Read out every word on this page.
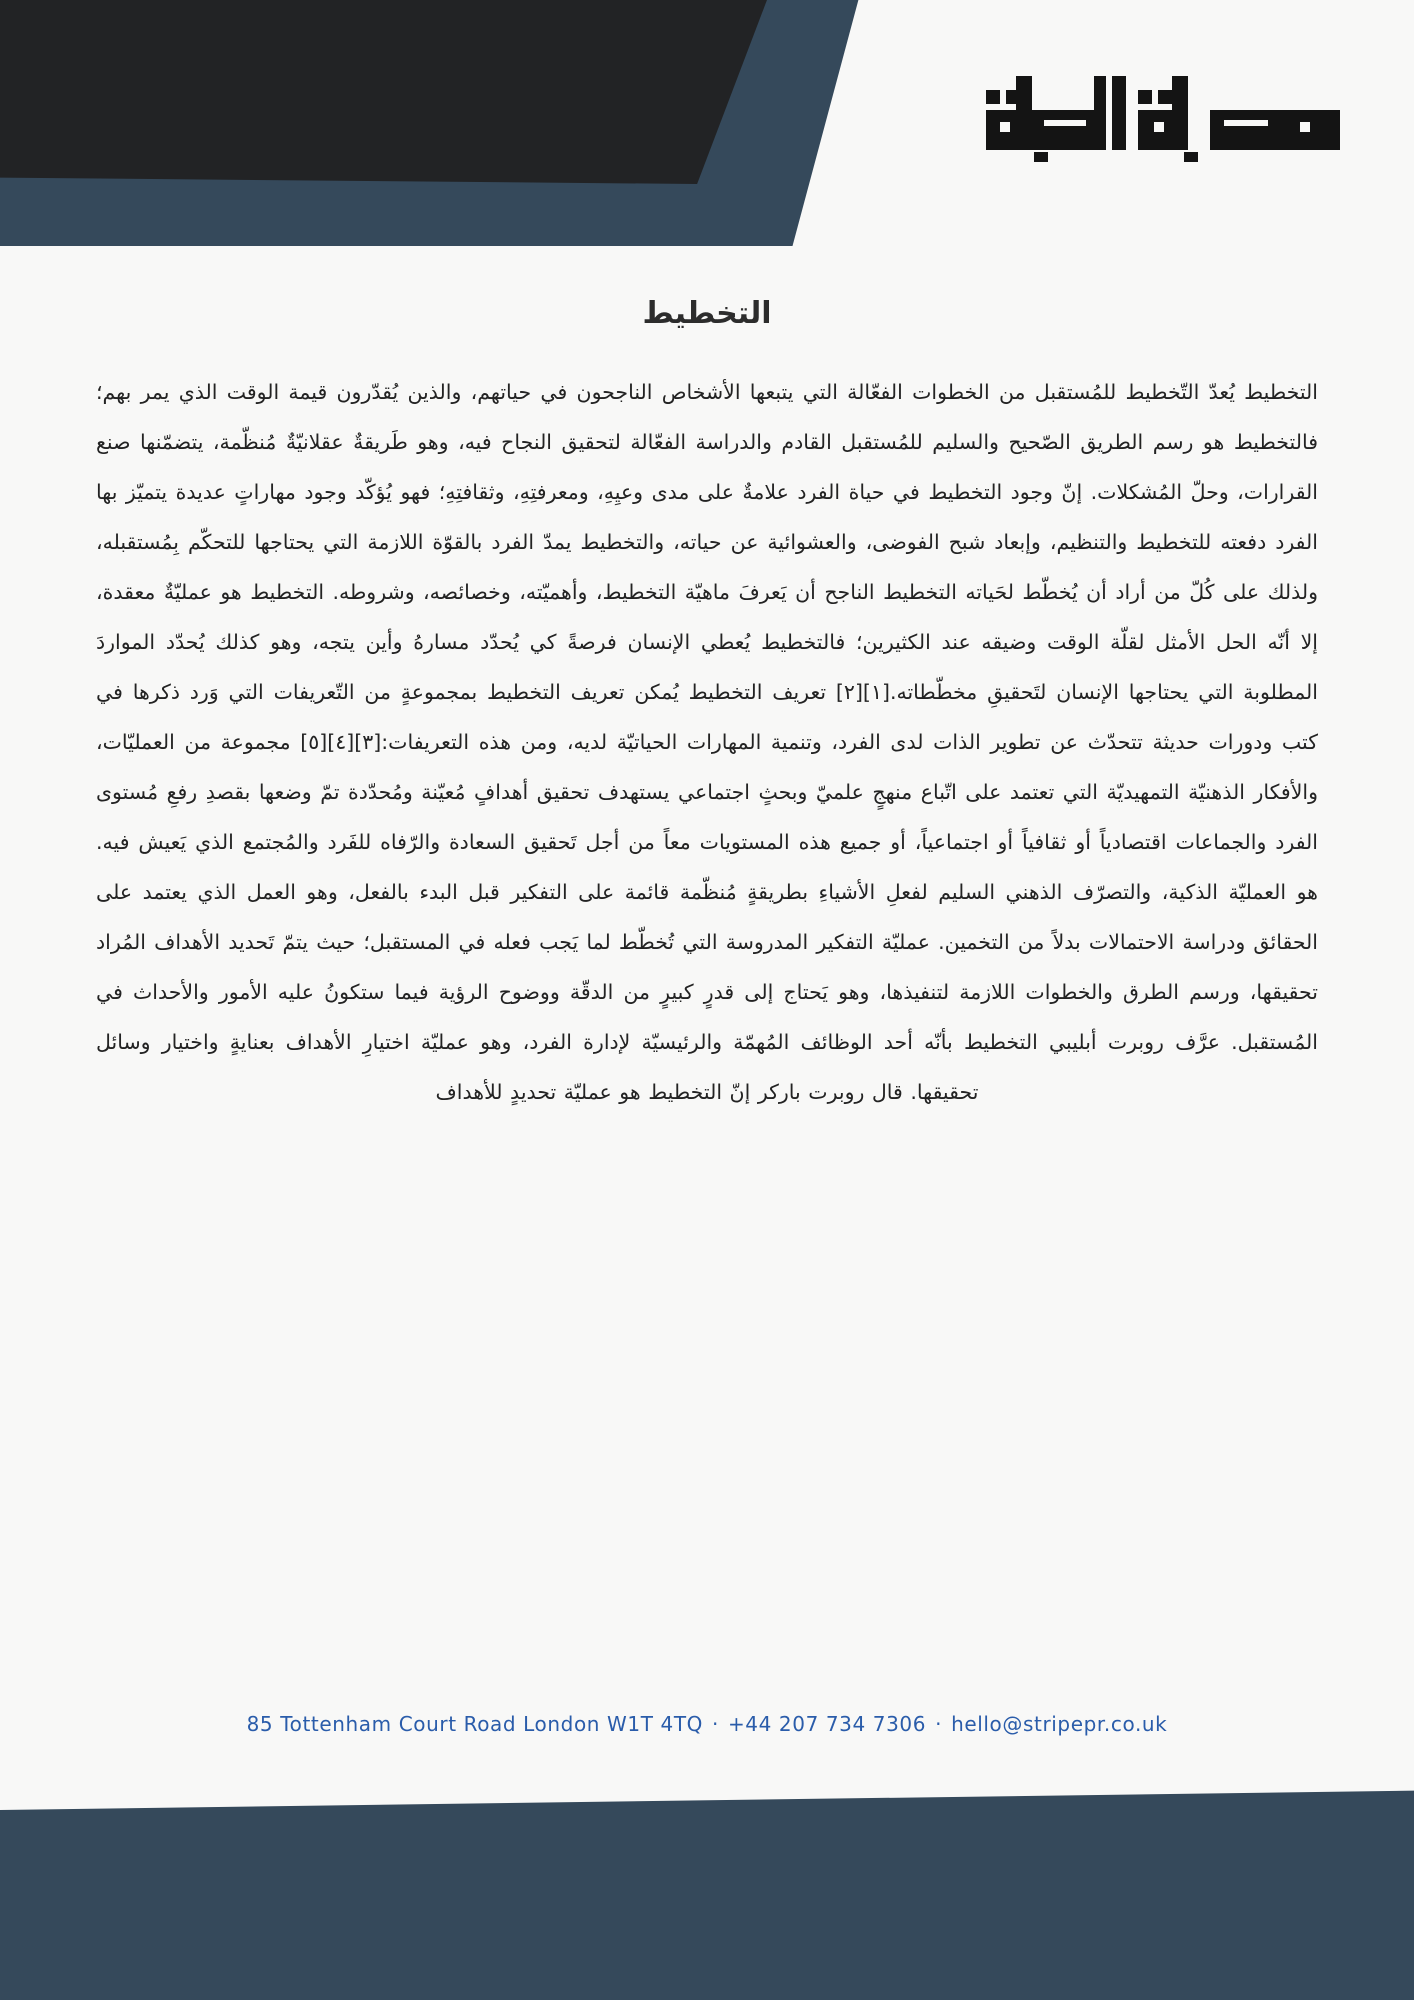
التخطيط

التخطيط يُعدّ التّخطيط للمُستقبل من الخطوات الفعّالة التي يتبعها الأشخاص الناجحون في حياتهم، والذين يُقدّرون قيمة الوقت الذي يمر بهم؛ فالتخطيط هو رسم الطريق الصّحيح والسليم للمُستقبل القادم والدراسة الفعّالة لتحقيق النجاح فيه، وهو طَريقةٌ عقلانيّةٌ مُنظّمة، يتضمّنها صنع القرارات، وحلّ المُشكلات. إنّ وجود التخطيط في حياة الفرد علامةٌ على مدى وعيِهِ، ومعرفتِهِ، وثقافتِهِ؛ فهو يُؤكّد وجود مهاراتٍ عديدة يتميّز بها الفرد دفعته للتخطيط والتنظيم، وإبعاد شبح الفوضى، والعشوائية عن حياته، والتخطيط يمدّ الفرد بالقوّة اللازمة التي يحتاجها للتحكّم بِمُستقبله، ولذلك على كُلّ من أراد أن يُخطّط لحَياته التخطيط الناجح أن يَعرفَ ماهيّة التخطيط، وأهميّته، وخصائصه، وشروطه. التخطيط هو عمليّةٌ معقدة، إلا أنّه الحل الأمثل لقلّة الوقت وضيقه عند الكثيرين؛ فالتخطيط يُعطي الإنسان فرصةً كي يُحدّد مسارهُ وأين يتجه، وهو كذلك يُحدّد المواردَ المطلوبة التي يحتاجها الإنسان لتَحقيقِ مخطّطاته.[١][٢] تعريف التخطيط يُمكن تعريف التخطيط بمجموعةٍ من التّعريفات التي وَرد ذكرها في كتب ودورات حديثة تتحدّث عن تطوير الذات لدى الفرد، وتنمية المهارات الحياتيّة لديه، ومن هذه التعريفات:[٣][٤][٥] مجموعة من العمليّات، والأفكار الذهنيّة التمهيديّة التي تعتمد على اتّباع منهجٍ علميّ وبحثٍ اجتماعي يستهدف تحقيق أهدافٍ مُعيّنة ومُحدّدة تمّ وضعها بقصدِ رفعِ مُستوى الفرد والجماعات اقتصادياً أو ثقافياً أو اجتماعياً، أو جميع هذه المستويات معاً من أجل تَحقيق السعادة والرّفاه للفَرد والمُجتمع الذي يَعيش فيه. هو العمليّة الذكية، والتصرّف الذهني السليم لفعلِ الأشياءِ بطريقةٍ مُنظّمة قائمة على التفكير قبل البدء بالفعل، وهو العمل الذي يعتمد على الحقائق ودراسة الاحتمالات بدلاً من التخمين. عمليّة التفكير المدروسة التي تُخطّط لما يَجب فعله في المستقبل؛ حيث يتمّ تَحديد الأهداف المُراد تحقيقها، ورسم الطرق والخطوات اللازمة لتنفيذها، وهو يَحتاج إلى قدرٍ كبيرٍ من الدقّة ووضوح الرؤية فيما ستكونُ عليه الأمور والأحداث في المُستقبل. عرَّف روبرت أبليبي التخطيط بأنّه أحد الوظائف المُهمّة والرئيسيّة لإدارة الفرد، وهو عمليّة اختيارِ الأهداف بعنايةٍ واختيار وسائل تحقيقها. قال روبرت باركر إنّ التخطيط هو عمليّة تحديدٍ للأهداف

85 Tottenham Court Road London W1T 4TQ · +44 207 734 7306 · hello@stripepr.co.uk
